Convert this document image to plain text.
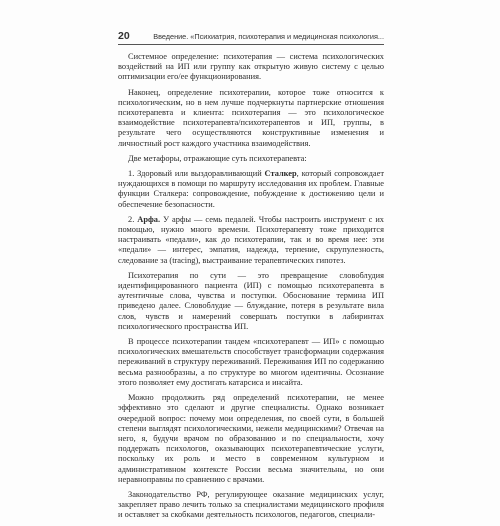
20	Введение. «Психиатрия, психотерапия и медицинская психология...

Системное определение: психотерапия — система психологических воздействий на ИП или группу как открытую живую систему с целью оптимизации его/ее функционирования.

Наконец, определение психотерапии, которое тоже относится к психологическим, но в нем лучше подчеркнуты партнерские отношения психотерапевта и клиента: психотерапия — это психологическое взаимодействие психотерапевта/психотерапевтов и ИП, группы, в результате чего осуществляются конструктивные изменения и личностный рост каждого участника взаимодействия.

Две метафоры, отражающие суть психотерапевта:

1. Здоровый или выздоравливающий Сталкер, который сопровождает нуждающихся в помощи по маршруту исследования их проблем. Главные функции Сталкера: сопровождение, побуждение к достижению цели и обеспечение безопасности.

2. Арфа. У арфы — семь педалей. Чтобы настроить инструмент с их помощью, нужно много времени. Психотерапевту тоже приходится настраивать «педали», как до психотерапии, так и во время нее: эти «педали» — интерес, эмпатия, надежда, терпение, скрупулезность, следование за (tracing), выстраивание терапевтических гипотез.

Психотерапия по сути — это превращение словоблудия идентифицированного пациента (ИП) с помощью психотерапевта в аутентичные слова, чувства и поступки. Обоснование термина ИП приведено далее. Словоблудие — блуждание, потеря в результате вила слов, чувств и намерений совершать поступки в лабиринтах психологического пространства ИП.

В процессе психотерапии тандем «психотерапевт — ИП» с помощью психологических вмешательств способствует трансформации содержания переживаний в структуру переживаний. Переживания ИП по содержанию весьма разнообразны, а по структуре во многом идентичны. Осознание этого позволяет ему достигать катарсиса и инсайта.

Можно продолжить ряд определений психотерапии, не менее эффективно это сделают и другие специалисты. Однако возникает очередной вопрос: почему мои определения, по своей сути, в большей степени выглядят психологическими, нежели медицинскими? Отвечая на него, я, будучи врачом по образованию и по специальности, хочу поддержать психологов, оказывающих психотерапевтические услуги, поскольку их роль и место в современном культурном и административном контексте России весьма значительны, но они неравноправны по сравнению с врачами.

Законодательство РФ, регулирующее оказание медицинских услуг, закрепляет право лечить только за специалистами медицинского профиля и оставляет за скобками деятельность психологов, педагогов, специали-
